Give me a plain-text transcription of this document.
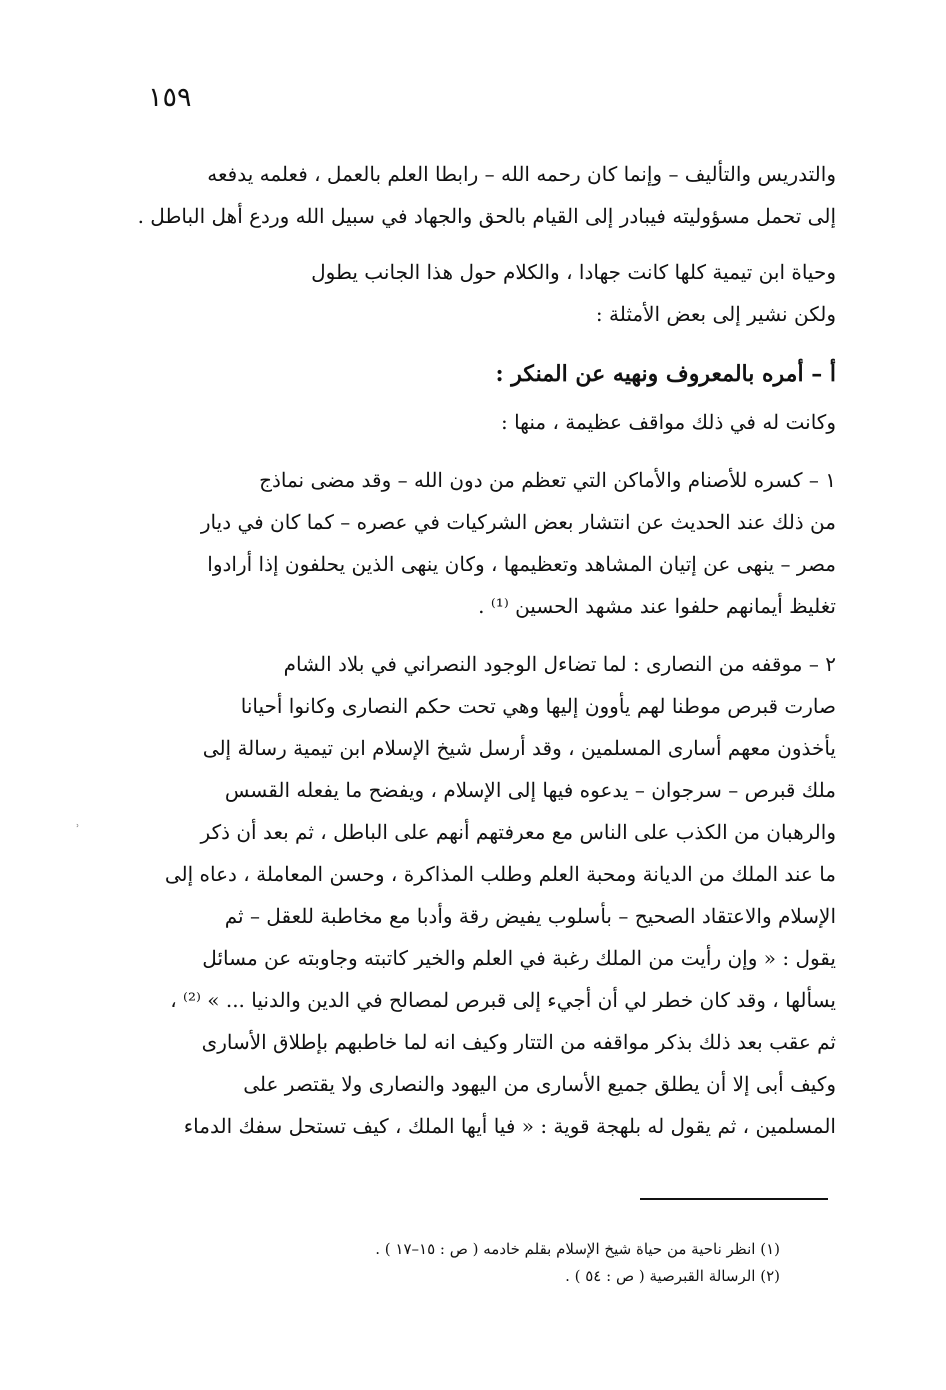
١٥٩
ʾ
والتدريس والتأليف – وإنما كان رحمه الله – رابطا العلم بالعمل ، فعلمه يدفعه
إلى تحمل مسؤوليته فيبادر إلى القيام بالحق والجهاد في سبيل الله وردع أهل الباطل .
وحياة ابن تيمية كلها كانت جهادا ، والكلام حول هذا الجانب يطول
ولكن نشير إلى بعض الأمثلة :
أ – أمره بالمعروف ونهيه عن المنكر :
وكانت له في ذلك مواقف عظيمة ، منها :
١ – كسره للأصنام والأماكن التي تعظم من دون الله – وقد مضى نماذج
من ذلك عند الحديث عن انتشار بعض الشركيات في عصره – كما كان في ديار
مصر – ينهى عن إتيان المشاهد وتعظيمها ، وكان ينهى الذين يحلفون إذا أرادوا
تغليظ أيمانهم حلفوا عند مشهد الحسين ⁽¹⁾ .
٢ – موقفه من النصارى : لما تضاءل الوجود النصراني في بلاد الشام
صارت قبرص موطنا لهم يأوون إليها وهي تحت حكم النصارى وكانوا أحيانا
يأخذون معهم أسارى المسلمين ، وقد أرسل شيخ الإسلام ابن تيمية رسالة إلى
ملك قبرص – سرجوان – يدعوه فيها إلى الإسلام ، ويفضح ما يفعله القسس
والرهبان من الكذب على الناس مع معرفتهم أنهم على الباطل ، ثم بعد أن ذكر
ما عند الملك من الديانة ومحبة العلم وطلب المذاكرة ، وحسن المعاملة ، دعاه إلى
الإسلام والاعتقاد الصحيح – بأسلوب يفيض رقة وأدبا مع مخاطبة للعقل – ثم
يقول : « وإن رأيت من الملك رغبة في العلم والخير كاتبته وجاوبته عن مسائل
يسألها ، وقد كان خطر لي أن أجيء إلى قبرص لمصالح في الدين والدنيا ... » ⁽²⁾ ،
ثم عقب بعد ذلك بذكر مواقفه من التتار وكيف انه لما خاطبهم بإطلاق الأسارى
وكيف أبى إلا أن يطلق جميع الأسارى من اليهود والنصارى ولا يقتصر على
المسلمين ، ثم يقول له بلهجة قوية : « فيا أيها الملك ، كيف تستحل سفك الدماء
(١) انظر ناحية من حياة شيخ الإسلام بقلم خادمه ( ص : ١٥–١٧ ) .
(٢) الرسالة القبرصية ( ص : ٥٤ ) .
